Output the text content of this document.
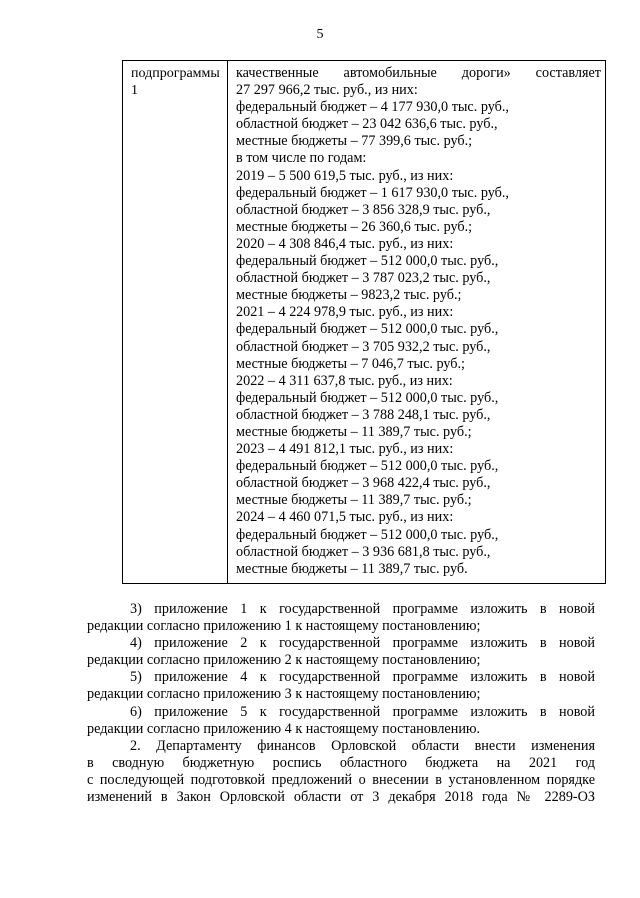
5
подпрограммы 1
качественные автомобильные дороги» составляет
27 297 966,2 тыс. руб., из них:
федеральный бюджет – 4 177 930,0 тыс. руб.,
областной бюджет – 23 042 636,6 тыс. руб.,
местные бюджеты – 77 399,6 тыс. руб.;
в том числе по годам:
2019 – 5 500 619,5 тыс. руб., из них:
федеральный бюджет – 1 617 930,0 тыс. руб.,
областной бюджет – 3 856 328,9 тыс. руб.,
местные бюджеты – 26 360,6 тыс. руб.;
2020 – 4 308 846,4 тыс. руб., из них:
федеральный бюджет – 512 000,0 тыс. руб.,
областной бюджет – 3 787 023,2 тыс. руб.,
местные бюджеты – 9823,2 тыс. руб.;
2021 – 4 224 978,9 тыс. руб., из них:
федеральный бюджет – 512 000,0 тыс. руб.,
областной бюджет – 3 705 932,2 тыс. руб.,
местные бюджеты – 7 046,7 тыс. руб.;
2022 – 4 311 637,8 тыс. руб., из них:
федеральный бюджет – 512 000,0 тыс. руб.,
областной бюджет – 3 788 248,1 тыс. руб.,
местные бюджеты – 11 389,7 тыс. руб.;
2023 – 4 491 812,1 тыс. руб., из них:
федеральный бюджет – 512 000,0 тыс. руб.,
областной бюджет – 3 968 422,4 тыс. руб.,
местные бюджеты – 11 389,7 тыс. руб.;
2024 – 4 460 071,5 тыс. руб., из них:
федеральный бюджет – 512 000,0 тыс. руб.,
областной бюджет – 3 936 681,8 тыс. руб.,
местные бюджеты – 11 389,7 тыс. руб.
3) приложение 1 к государственной программе изложить в новой
редакции согласно приложению 1 к настоящему постановлению;
4) приложение 2 к государственной программе изложить в новой
редакции согласно приложению 2 к настоящему постановлению;
5) приложение 4 к государственной программе изложить в новой
редакции согласно приложению 3 к настоящему постановлению;
6) приложение 5 к государственной программе изложить в новой
редакции согласно приложению 4 к настоящему постановлению.
2. Департаменту финансов Орловской области внести изменения
в сводную бюджетную роспись областного бюджета на 2021 год
с последующей подготовкой предложений о внесении в установленном порядке
изменений в Закон Орловской области от 3 декабря 2018 года № 2289-ОЗ
